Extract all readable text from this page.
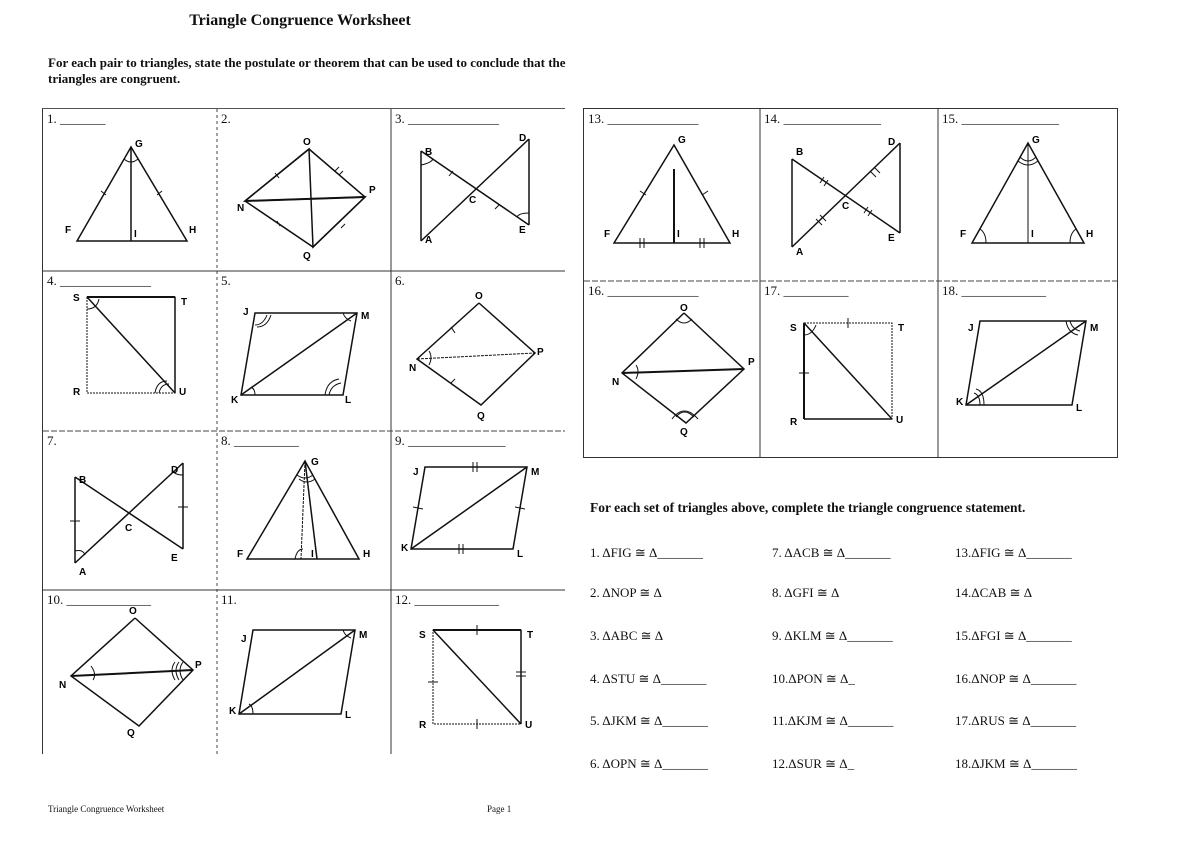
Triangle Congruence Worksheet
For each pair to triangles, state the postulate or theorem that can be used to conclude that the triangles are congruent.
1. _______
G
F	H
I
2.
O
N
P
Q
3. ______________
B
D
C
A
E
4. ______________
S	T
R	U
5.
J	M
K	L
6.
O
N
P
Q
7.
B
D
C
A
E
8. __________
G
F	H
I
9. _______________
J	M
K
L
10. _____________
O
N
P
Q
11.
J	M
K	L
12. _____________
S	T
R	U
13. ______________
G
F	I	H
14. _______________
B
D
C
A
E
15. _______________
G
F	I	H
16. ______________
O
N
P
Q
17. __________
S	T
R	U
18. _____________
J	M
K
L
For each set of triangles above, complete the triangle congruence statement.
1. ΔFIG ≅ Δ_______
2. ΔNOP ≅ Δ
3. ΔABC ≅ Δ
4. ΔSTU ≅ Δ_______
5. ΔJKM ≅ Δ_______
6. ΔOPN ≅ Δ_______
7. ΔACB ≅ Δ_______
8. ΔGFI ≅ Δ
9. ΔKLM ≅ Δ_______
10.ΔPON ≅ Δ_
11.ΔKJM ≅ Δ_______
12.ΔSUR ≅ Δ_
13.ΔFIG ≅ Δ_______
14.ΔCAB ≅ Δ
15.ΔFGI ≅ Δ_______
16.ΔNOP ≅ Δ_______
17.ΔRUS ≅ Δ_______
18.ΔJKM ≅ Δ_______
Triangle Congruence Worksheet	Page 1
